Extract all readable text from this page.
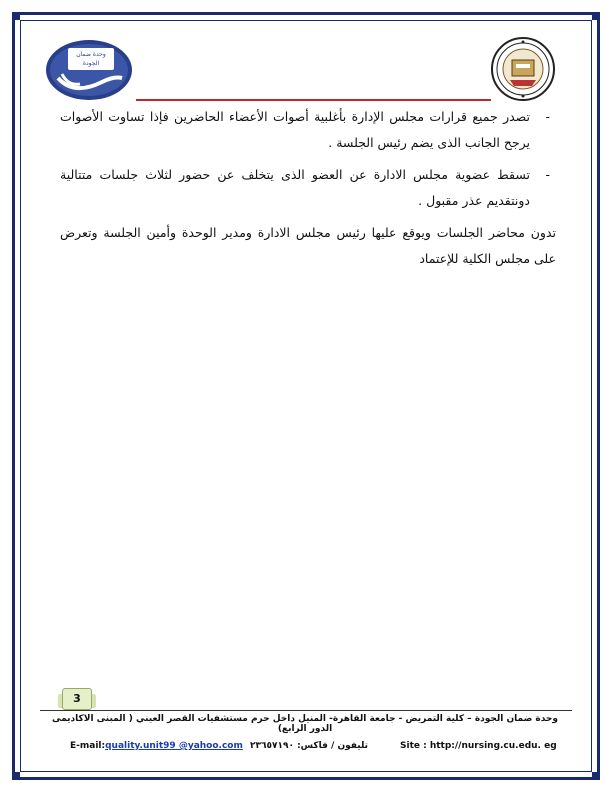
وحدة ضمان
الجودة
-
تصدر جميع قرارات مجلس الإدارة بأغلبية أصوات الأعضاء الحاضرين فإذا تساوت الأصوات يرجح الجانب الذى يضم رئيس الجلسة .
-
تسقط عضوية مجلس الادارة عن العضو الذى يتخلف عن حضور لثلاث جلسات متتالية دونتقديم عذر مقبول .
تدون محاضر الجلسات ويوقع عليها رئيس مجلس الادارة ومدير الوحدة وأمين الجلسة وتعرض على مجلس الكلية للإعتماد
3
وحدة ضمان الجودة – كلية التمريض - جامعة القاهرة- المنيل داخل حرم مستشفيات القصر العيني ( المبنى الاكاديمى الدور الرابع)
E-mail:quality.unit99 @yahoo.com تليفون / فاكس: ٢٣٦٥٧١٩٠	Site : http://nursing.cu.edu. eg
